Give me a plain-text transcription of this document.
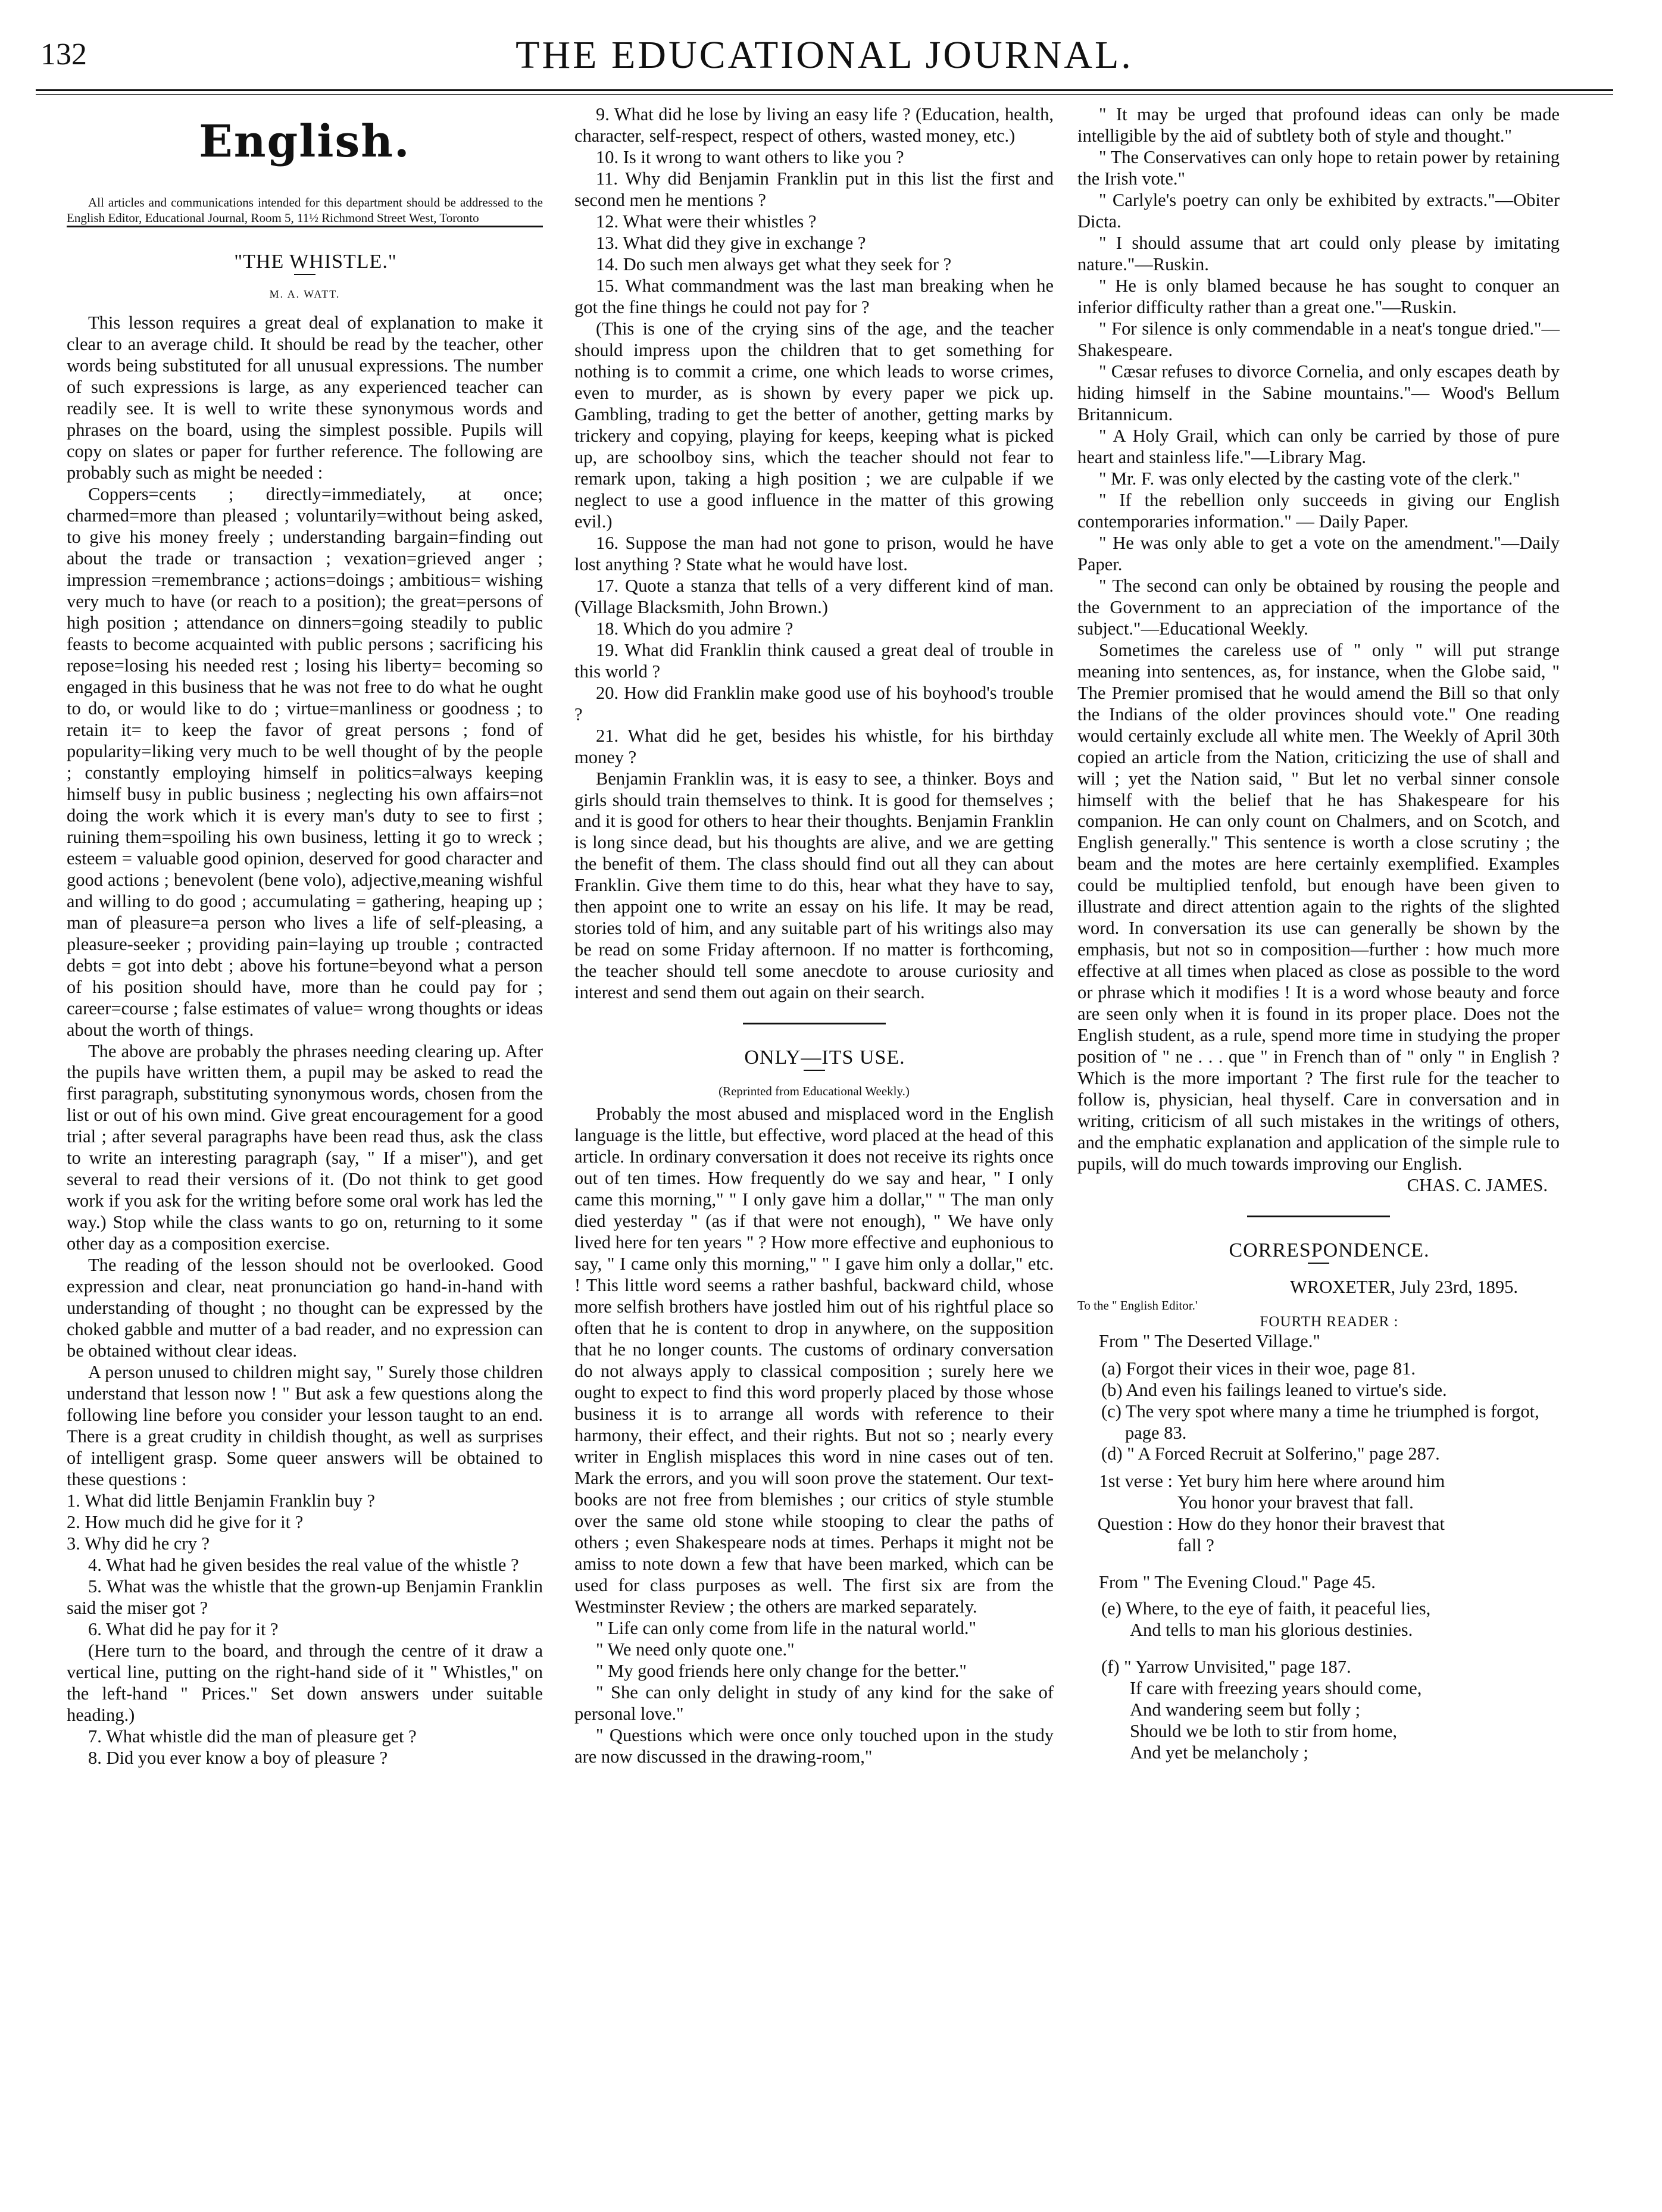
132	THE EDUCATIONAL JOURNAL.
English.

All articles and communications intended for this department should be addressed to the English Editor, Educational Journal, Room 5, 11½ Richmond Street West, Toronto

"THE WHISTLE."

M. A. WATT.

This lesson requires a great deal of explanation to make it clear to an average child. It should be read by the teacher, other words being substituted for all unusual expressions. The number of such expressions is large, as any experienced teacher can readily see. It is well to write these synonymous words and phrases on the board, using the simplest possible. Pupils will copy on slates or paper for further reference. The following are probably such as might be needed :

Coppers=cents ; directly=immediately, at once; charmed=more than pleased ; voluntarily=without being asked, to give his money freely ; understanding bargain=finding out about the trade or transaction ; vexation=grieved anger ; impression =remembrance ; actions=doings ; ambitious= wishing very much to have (or reach to a position); the great=persons of high position ; attendance on dinners=going steadily to public feasts to become acquainted with public persons ; sacrificing his repose=losing his needed rest ; losing his liberty= becoming so engaged in this business that he was not free to do what he ought to do, or would like to do ; virtue=manliness or goodness ; to retain it= to keep the favor of great persons ; fond of popularity=liking very much to be well thought of by the people ; constantly employing himself in politics=always keeping himself busy in public business ; neglecting his own affairs=not doing the work which it is every man's duty to see to first ; ruining them=spoiling his own business, letting it go to wreck ; esteem = valuable good opinion, deserved for good character and good actions ; benevolent (bene volo), adjective,meaning wishful and willing to do good ; accumulating = gathering, heaping up ; man of pleasure=a person who lives a life of self-pleasing, a pleasure-seeker ; providing pain=laying up trouble ; contracted debts = got into debt ; above his fortune=beyond what a person of his position should have, more than he could pay for ; career=course ; false estimates of value= wrong thoughts or ideas about the worth of things.

The above are probably the phrases needing clearing up. After the pupils have written them, a pupil may be asked to read the first paragraph, substituting synonymous words, chosen from the list or out of his own mind. Give great encouragement for a good trial ; after several paragraphs have been read thus, ask the class to write an interesting paragraph (say, " If a miser"), and get several to read their versions of it. (Do not think to get good work if you ask for the writing before some oral work has led the way.) Stop while the class wants to go on, returning to it some other day as a composition exercise.

The reading of the lesson should not be overlooked. Good expression and clear, neat pronunciation go hand-in-hand with understanding of thought ; no thought can be expressed by the choked gabble and mutter of a bad reader, and no expression can be obtained without clear ideas.

A person unused to children might say, " Surely those children understand that lesson now ! " But ask a few questions along the following line before you consider your lesson taught to an end. There is a great crudity in childish thought, as well as surprises of intelligent grasp. Some queer answers will be obtained to these questions :

1. What did little Benjamin Franklin buy ?

2. How much did he give for it ?

3. Why did he cry ?

4. What had he given besides the real value of the whistle ?

5. What was the whistle that the grown-up Benjamin Franklin said the miser got ?

6. What did he pay for it ?

(Here turn to the board, and through the centre of it draw a vertical line, putting on the right-hand side of it " Whistles," on the left-hand " Prices." Set down answers under suitable heading.)

7. What whistle did the man of pleasure get ?

8. Did you ever know a boy of pleasure ?

9. What did he lose by living an easy life ? (Education, health, character, self-respect, respect of others, wasted money, etc.)

10. Is it wrong to want others to like you ?

11. Why did Benjamin Franklin put in this list the first and second men he mentions ?

12. What were their whistles ?

13. What did they give in exchange ?

14. Do such men always get what they seek for ?

15. What commandment was the last man breaking when he got the fine things he could not pay for ?

(This is one of the crying sins of the age, and the teacher should impress upon the children that to get something for nothing is to commit a crime, one which leads to worse crimes, even to murder, as is shown by every paper we pick up. Gambling, trading to get the better of another, getting marks by trickery and copying, playing for keeps, keeping what is picked up, are schoolboy sins, which the teacher should not fear to remark upon, taking a high position ; we are culpable if we neglect to use a good influence in the matter of this growing evil.)

16. Suppose the man had not gone to prison, would he have lost anything ? State what he would have lost.

17. Quote a stanza that tells of a very different kind of man. (Village Blacksmith, John Brown.)

18. Which do you admire ?

19. What did Franklin think caused a great deal of trouble in this world ?

20. How did Franklin make good use of his boyhood's trouble ?

21. What did he get, besides his whistle, for his birthday money ?

Benjamin Franklin was, it is easy to see, a thinker. Boys and girls should train themselves to think. It is good for themselves ; and it is good for others to hear their thoughts. Benjamin Franklin is long since dead, but his thoughts are alive, and we are getting the benefit of them. The class should find out all they can about Franklin. Give them time to do this, hear what they have to say, then appoint one to write an essay on his life. It may be read, stories told of him, and any suitable part of his writings also may be read on some Friday afternoon. If no matter is forthcoming, the teacher should tell some anecdote to arouse curiosity and interest and send them out again on their search.

ONLY—ITS USE.

(Reprinted from Educational Weekly.)

Probably the most abused and misplaced word in the English language is the little, but effective, word placed at the head of this article. In ordinary conversation it does not receive its rights once out of ten times. How frequently do we say and hear, " I only came this morning," " I only gave him a dollar," " The man only died yesterday " (as if that were not enough), " We have only lived here for ten years " ? How more effective and euphonious to say, " I came only this morning," " I gave him only a dollar," etc. ! This little word seems a rather bashful, backward child, whose more selfish brothers have jostled him out of his rightful place so often that he is content to drop in anywhere, on the supposition that he no longer counts. The customs of ordinary conversation do not always apply to classical composition ; surely here we ought to expect to find this word properly placed by those whose business it is to arrange all words with reference to their harmony, their effect, and their rights. But not so ; nearly every writer in English misplaces this word in nine cases out of ten. Mark the errors, and you will soon prove the statement. Our text-books are not free from blemishes ; our critics of style stumble over the same old stone while stooping to clear the paths of others ; even Shakespeare nods at times. Perhaps it might not be amiss to note down a few that have been marked, which can be used for class purposes as well. The first six are from the Westminster Review ; the others are marked separately.

" Life can only come from life in the natural world."

" We need only quote one."

" My good friends here only change for the better."

" She can only delight in study of any kind for the sake of personal love."

" Questions which were once only touched upon in the study are now discussed in the drawing-room,"

" It may be urged that profound ideas can only be made intelligible by the aid of subtlety both of style and thought."

" The Conservatives can only hope to retain power by retaining the Irish vote."

" Carlyle's poetry can only be exhibited by extracts."—Obiter Dicta.

" I should assume that art could only please by imitating nature."—Ruskin.

" He is only blamed because he has sought to conquer an inferior difficulty rather than a great one."—Ruskin.

" For silence is only commendable in a neat's tongue dried."—Shakespeare.

" Cæsar refuses to divorce Cornelia, and only escapes death by hiding himself in the Sabine mountains."— Wood's Bellum Britannicum.

" A Holy Grail, which can only be carried by those of pure heart and stainless life."—Library Mag.

" Mr. F. was only elected by the casting vote of the clerk."

" If the rebellion only succeeds in giving our English contemporaries information." — Daily Paper.

" He was only able to get a vote on the amendment."—Daily Paper.

" The second can only be obtained by rousing the people and the Government to an appreciation of the importance of the subject."—Educational Weekly.

Sometimes the careless use of " only " will put strange meaning into sentences, as, for instance, when the Globe said, " The Premier promised that he would amend the Bill so that only the Indians of the older provinces should vote." One reading would certainly exclude all white men. The Weekly of April 30th copied an article from the Nation, criticizing the use of shall and will ; yet the Nation said, " But let no verbal sinner console himself with the belief that he has Shakespeare for his companion. He can only count on Chalmers, and on Scotch, and English generally." This sentence is worth a close scrutiny ; the beam and the motes are here certainly exemplified. Examples could be multiplied tenfold, but enough have been given to illustrate and direct attention again to the rights of the slighted word. In conversation its use can generally be shown by the emphasis, but not so in composition—further : how much more effective at all times when placed as close as possible to the word or phrase which it modifies ! It is a word whose beauty and force are seen only when it is found in its proper place. Does not the English student, as a rule, spend more time in studying the proper position of " ne . . . que " in French than of " only " in English ? Which is the more important ? The first rule for the teacher to follow is, physician, heal thyself. Care in conversation and in writing, criticism of all such mistakes in the writings of others, and the emphatic explanation and application of the simple rule to pupils, will do much towards improving our English.

CHAS. C. JAMES.

CORRESPONDENCE.

WROXETER, July 23rd, 1895.

To the " English Editor.'

FOURTH READER :

From " The Deserted Village."

(a) Forgot their vices in their woe, page 81.

(b) And even his failings leaned to virtue's side.

(c) The very spot where many a time he triumphed is forgot, page 83.

(d) " A Forced Recruit at Solferino," page 287.

1st verse : Yet bury him here where around him

You honor your bravest that fall.

Question : How do they honor their bravest that

fall ?

From " The Evening Cloud." Page 45.

(e) Where, to the eye of faith, it peaceful lies,

And tells to man his glorious destinies.

(f) " Yarrow Unvisited," page 187.

If care with freezing years should come,

And wandering seem but folly ;

Should we be loth to stir from home,

And yet be melancholy ;
